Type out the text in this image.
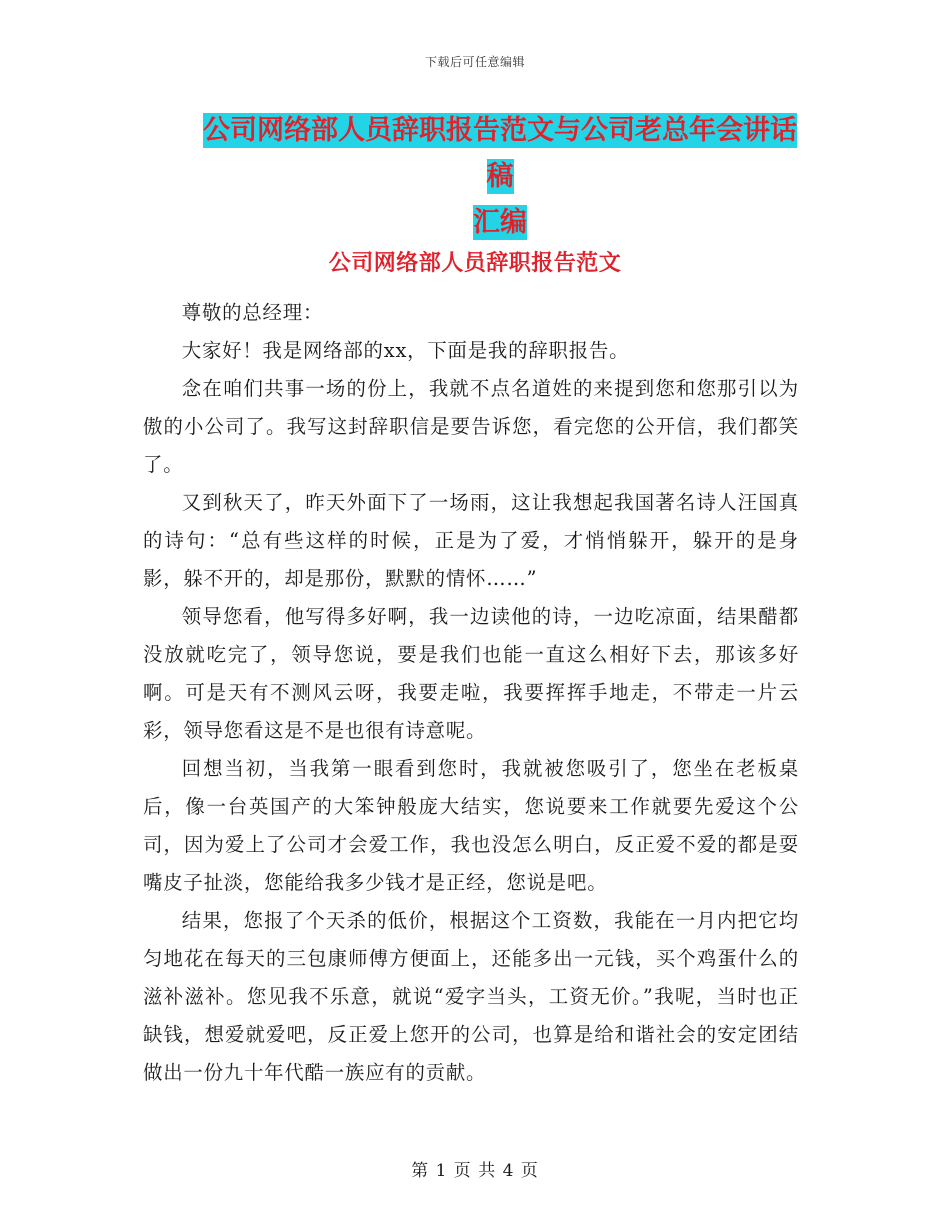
下载后可任意编辑
公司网络部人员辞职报告范文与公司老总年会讲话稿
汇编
公司网络部人员辞职报告范文

尊敬的总经理：

大家好！我是网络部的xx，下面是我的辞职报告。

念在咱们共事一场的份上，我就不点名道姓的来提到您和您那引以为傲的小公司了。我写这封辞职信是要告诉您，看完您的公开信，我们都笑了。

又到秋天了，昨天外面下了一场雨，这让我想起我国著名诗人汪国真的诗句：“总有些这样的时候，正是为了爱，才悄悄躲开，躲开的是身影，躲不开的，却是那份，默默的情怀……”

领导您看，他写得多好啊，我一边读他的诗，一边吃凉面，结果醋都没放就吃完了，领导您说，要是我们也能一直这么相好下去，那该多好啊。可是天有不测风云呀，我要走啦，我要挥挥手地走，不带走一片云彩，领导您看这是不是也很有诗意呢。

回想当初，当我第一眼看到您时，我就被您吸引了，您坐在老板桌后，像一台英国产的大笨钟般庞大结实，您说要来工作就要先爱这个公司，因为爱上了公司才会爱工作，我也没怎么明白，反正爱不爱的都是耍嘴皮子扯淡，您能给我多少钱才是正经，您说是吧。

结果，您报了个天杀的低价，根据这个工资数，我能在一月内把它均匀地花在每天的三包康师傅方便面上，还能多出一元钱，买个鸡蛋什么的滋补滋补。您见我不乐意，就说“爱字当头，工资无价。”我呢，当时也正缺钱，想爱就爱吧，反正爱上您开的公司，也算是给和谐社会的安定团结做出一份九十年代酷一族应有的贡献。

第 1 页 共 4 页
